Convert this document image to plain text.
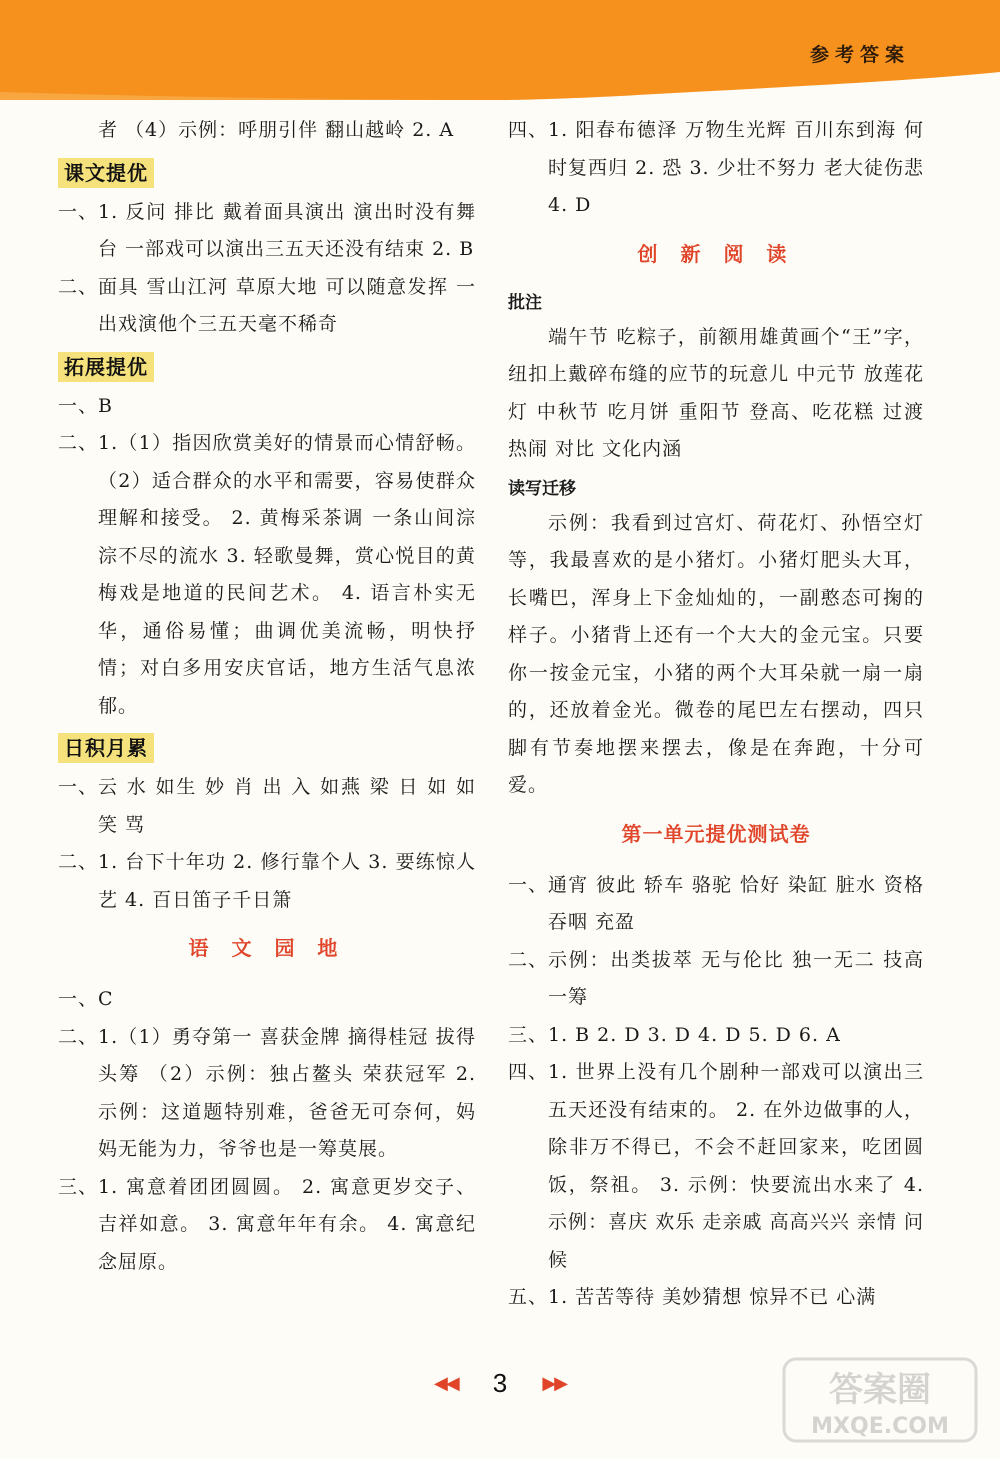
参考答案
者 （4）示例：呼朋引伴 翻山越岭 2. A
课文提优
一、 1. 反问 排比 戴着面具演出 演出时没有舞台 一部戏可以演出三五天还没有结束 2. B
二、 面具 雪山江河 草原大地 可以随意发挥 一出戏演他个三五天毫不稀奇
拓展提优
一、 B
二、 1.（1）指因欣赏美好的情景而心情舒畅。（2）适合群众的水平和需要，容易使群众理解和接受。 2. 黄梅采茶调 一条山间淙淙不尽的流水 3. 轻歌曼舞，赏心悦目的黄梅戏是地道的民间艺术。 4. 语言朴实无华，通俗易懂；曲调优美流畅，明快抒情；对白多用安庆官话，地方生活气息浓郁。
日积月累
一、 云 水 如生 妙 肖 出 入 如燕 梁 日 如 如 笑 骂
二、 1. 台下十年功 2. 修行靠个人 3. 要练惊人艺 4. 百日笛子千日箫
语 文 园 地
一、 C
二、 1.（1）勇夺第一 喜获金牌 摘得桂冠 拔得头筹 （2）示例：独占鳌头 荣获冠军 2. 示例：这道题特别难，爸爸无可奈何，妈妈无能为力，爷爷也是一筹莫展。
三、 1. 寓意着团团圆圆。 2. 寓意更岁交子、吉祥如意。 3. 寓意年年有余。 4. 寓意纪念屈原。
四、 1. 阳春布德泽 万物生光辉 百川东到海 何时复西归 2. 恐 3. 少壮不努力 老大徒伤悲 4. D
创 新 阅 读
批注
端午节 吃粽子，前额用雄黄画个“王”字，纽扣上戴碎布缝的应节的玩意儿 中元节 放莲花灯 中秋节 吃月饼 重阳节 登高、吃花糕 过渡 热闹 对比 文化内涵
读写迁移
示例：我看到过宫灯、荷花灯、孙悟空灯等，我最喜欢的是小猪灯。小猪灯肥头大耳，长嘴巴，浑身上下金灿灿的，一副憨态可掬的样子。小猪背上还有一个大大的金元宝。只要你一按金元宝，小猪的两个大耳朵就一扇一扇的，还放着金光。微卷的尾巴左右摆动，四只脚有节奏地摆来摆去，像是在奔跑，十分可爱。
第一单元提优测试卷
一、 通宵 彼此 轿车 骆驼 恰好 染缸 脏水 资格 吞咽 充盈
二、 示例：出类拔萃 无与伦比 独一无二 技高一筹
三、 1. B 2. D 3. D 4. D 5. D 6. A
四、 1. 世界上没有几个剧种一部戏可以演出三五天还没有结束的。 2. 在外边做事的人，除非万不得已，不会不赶回家来，吃团圆饭，祭祖。 3. 示例：快要流出水来了 4. 示例：喜庆 欢乐 走亲戚 高高兴兴 亲情 问候
五、 1. 苦苦等待 美妙猜想 惊异不已 心满
◀◀ 3 ▶▶	答案圈
MXQE.COM
